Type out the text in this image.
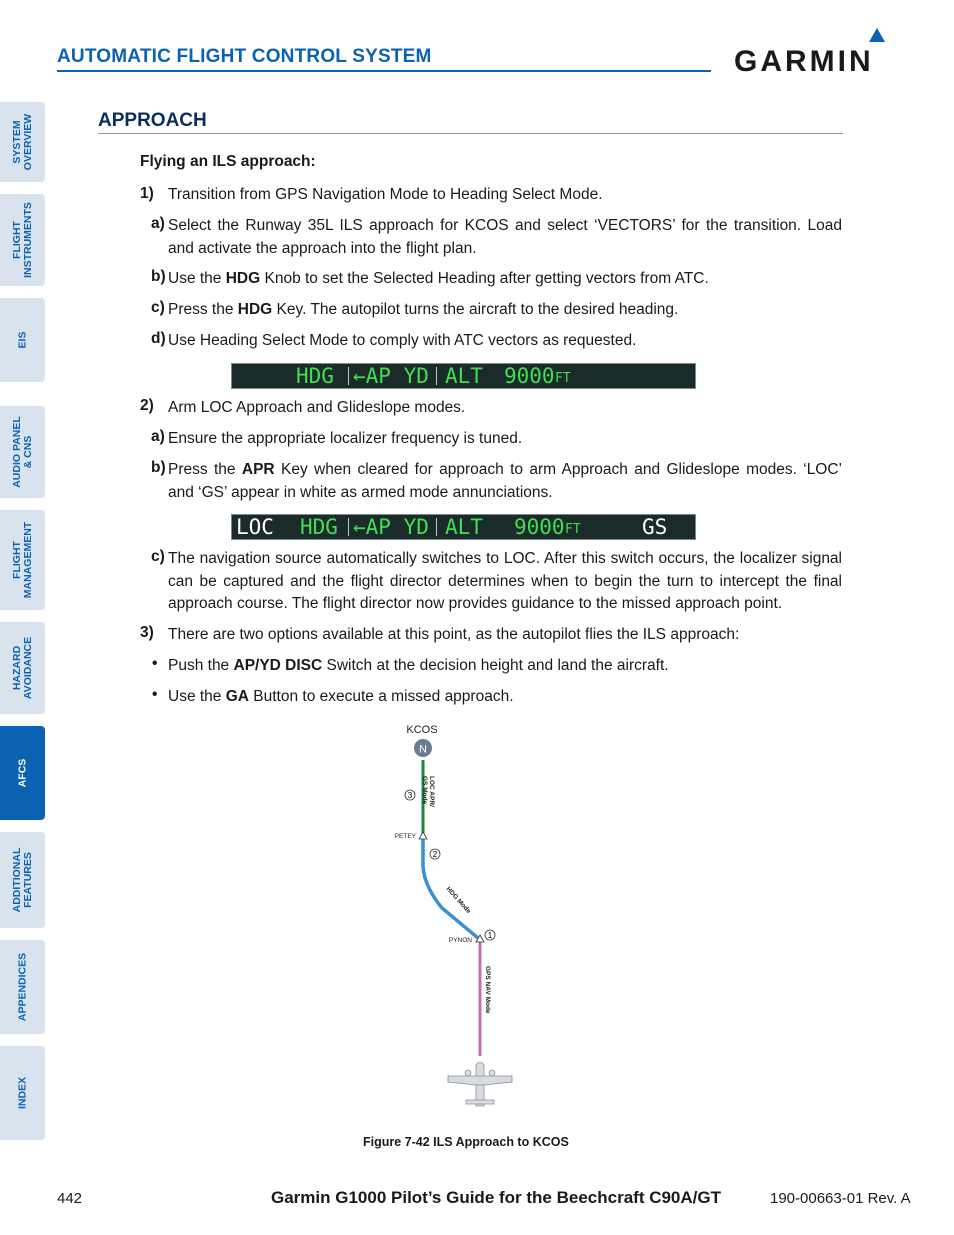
AUTOMATIC FLIGHT CONTROL SYSTEM	GARMIN
SYSTEM
OVERVIEW
FLIGHT
INSTRUMENTS
EIS
AUDIO PANEL
& CNS
FLIGHT
MANAGEMENT
HAZARD
AVOIDANCE
AFCS
ADDITIONAL
FEATURES
APPENDICES
INDEX
APPROACH
Flying an ILS approach:
1) Transition from GPS Navigation Mode to Heading Select Mode.
a) Select the Runway 35L ILS approach for KCOS and select ‘VECTORS’ for the transition. Load and activate the approach into the flight plan.
b) Use the HDG Knob to set the Selected Heading after getting vectors from ATC.
c) Press the HDG Key. The autopilot turns the aircraft to the desired heading.
d) Use Heading Select Mode to comply with ATC vectors as requested.
HDG ←AP YD ALT 9000 FT
2) Arm LOC Approach and Glideslope modes.
a) Ensure the appropriate localizer frequency is tuned.
b) Press the APR Key when cleared for approach to arm Approach and Glideslope modes. ‘LOC’ and ‘GS’ appear in white as armed mode annunciations.
LOC HDG ←AP YD ALT 9000 FT	GS
c) The navigation source automatically switches to LOC. After this switch occurs, the localizer signal can be captured and the flight director determines when to begin the turn to intercept the final approach course. The flight director now provides guidance to the missed approach point.
3) There are two options available at this point, as the autopilot flies the ILS approach:
• Push the AP/YD DISC Switch at the decision height and land the aircraft.
• Use the GA Button to execute a missed approach.
KCOS
N
LOC APR/
GS Mode
HDG Mode
GPS NAV Mode
3
2
1
PETEY
PYNON
Figure 7-42 ILS Approach to KCOS
442	Garmin G1000 Pilot’s Guide for the Beechcraft C90A/GT	190-00663-01 Rev. A
